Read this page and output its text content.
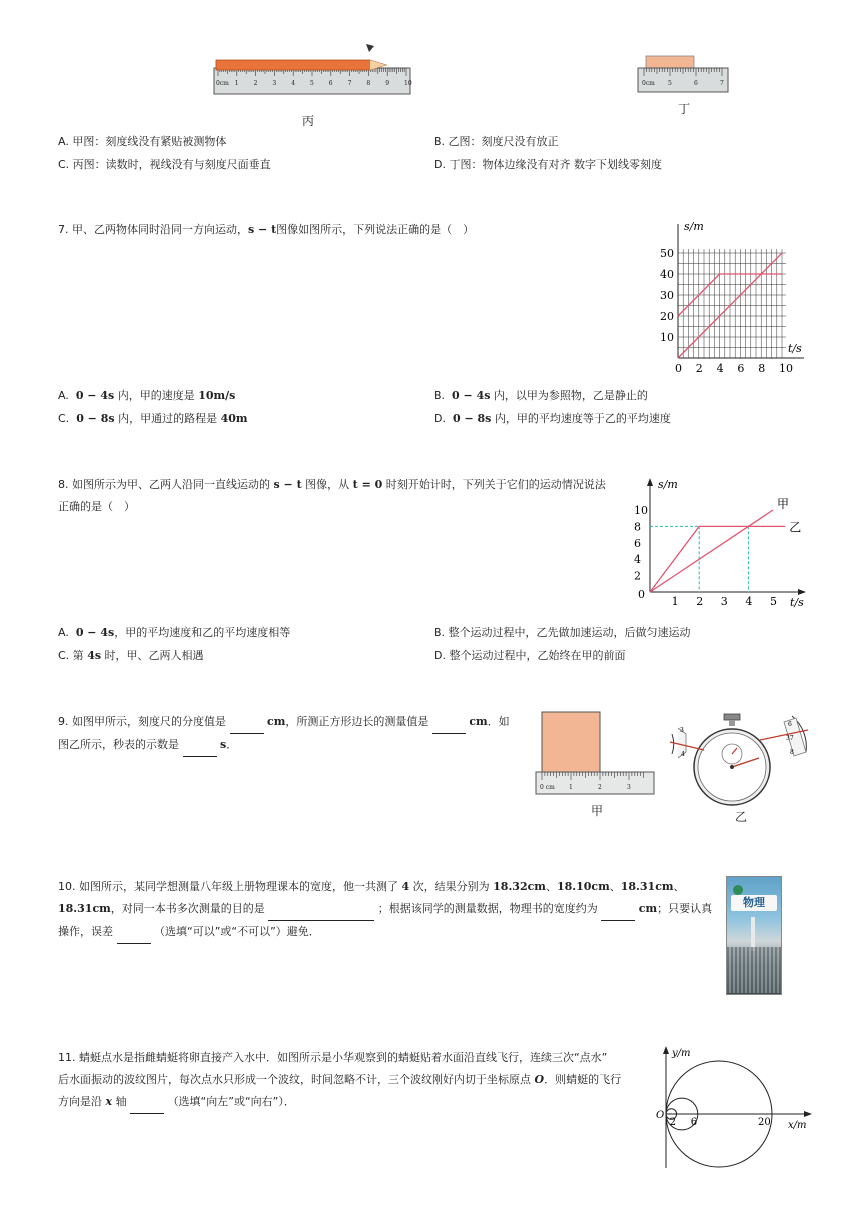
0cm 1 2 3 4 5 6 7 8 9 10
丙
0cm 5	6	7
丁
A. 甲图：刻度线没有紧贴被测物体	B. 乙图：刻度尺没有放正
C. 丙图：读数时，视线没有与刻度尺面垂直	D. 丁图：物体边缘没有对齐 数字下划线零刻度
7. 甲、乙两物体同时沿同一方向运动，s − t图像如图所示，下列说法正确的是（　）	s/m
t/s
0 2 4 6 8 10
10
20
30
40
50
A. 0 − 4s 内，甲的速度是 10m/s	B. 0 − 4s 内，以甲为参照物，乙是静止的
C. 0 − 8s 内，甲通过的路程是 40m	D. 0 − 8s 内，甲的平均速度等于乙的平均速度
8. 如图所示为甲、乙两人沿同一直线运动的 s − t 图像，从 t = 0 时刻开始计时，下列关于它们的运动情况说法
正确的是（　）
s/m
t/s
0
1 2 3 4 5
2
4
6
8
10	甲
乙
A. 0 − 4s，甲的平均速度和乙的平均速度相等	B. 整个运动过程中，乙先做加速运动，后做匀速运动
C. 第 4s 时，甲、乙两人相遇	D. 整个运动过程中，乙始终在甲的前面
9. 如图甲所示，刻度尺的分度值是	cm，所测正方形边长的测量值是	cm．如
图乙所示，秒表的示数是	s．
0 cm 1	2	3
甲
3
4
6
37
8
乙
10. 如图所示，某同学想测量八年级上册物理课本的宽度，他一共测了 4 次，结果分别为 18.32cm、18.10cm、18.31cm、
18.31cm，对同一本书多次测量的目的是	；根据该同学的测量数据，物理书的宽度约为	cm；只要认真
操作，误差	（选填“可以”或“不可以”）避免．
物理
11. 蜻蜓点水是指雌蜻蜓将卵直接产入水中．如图所示是小华观察到的蜻蜓贴着水面沿直线飞行，连续三次“点水”
后水面振动的波纹图片，每次点水只形成一个波纹，时间忽略不计，三个波纹刚好内切于坐标原点 O．则蜻蜓的飞行
方向是沿 x 轴	（选填“向左”或“向右”）．
y/m
x/m
O
2 6	20
